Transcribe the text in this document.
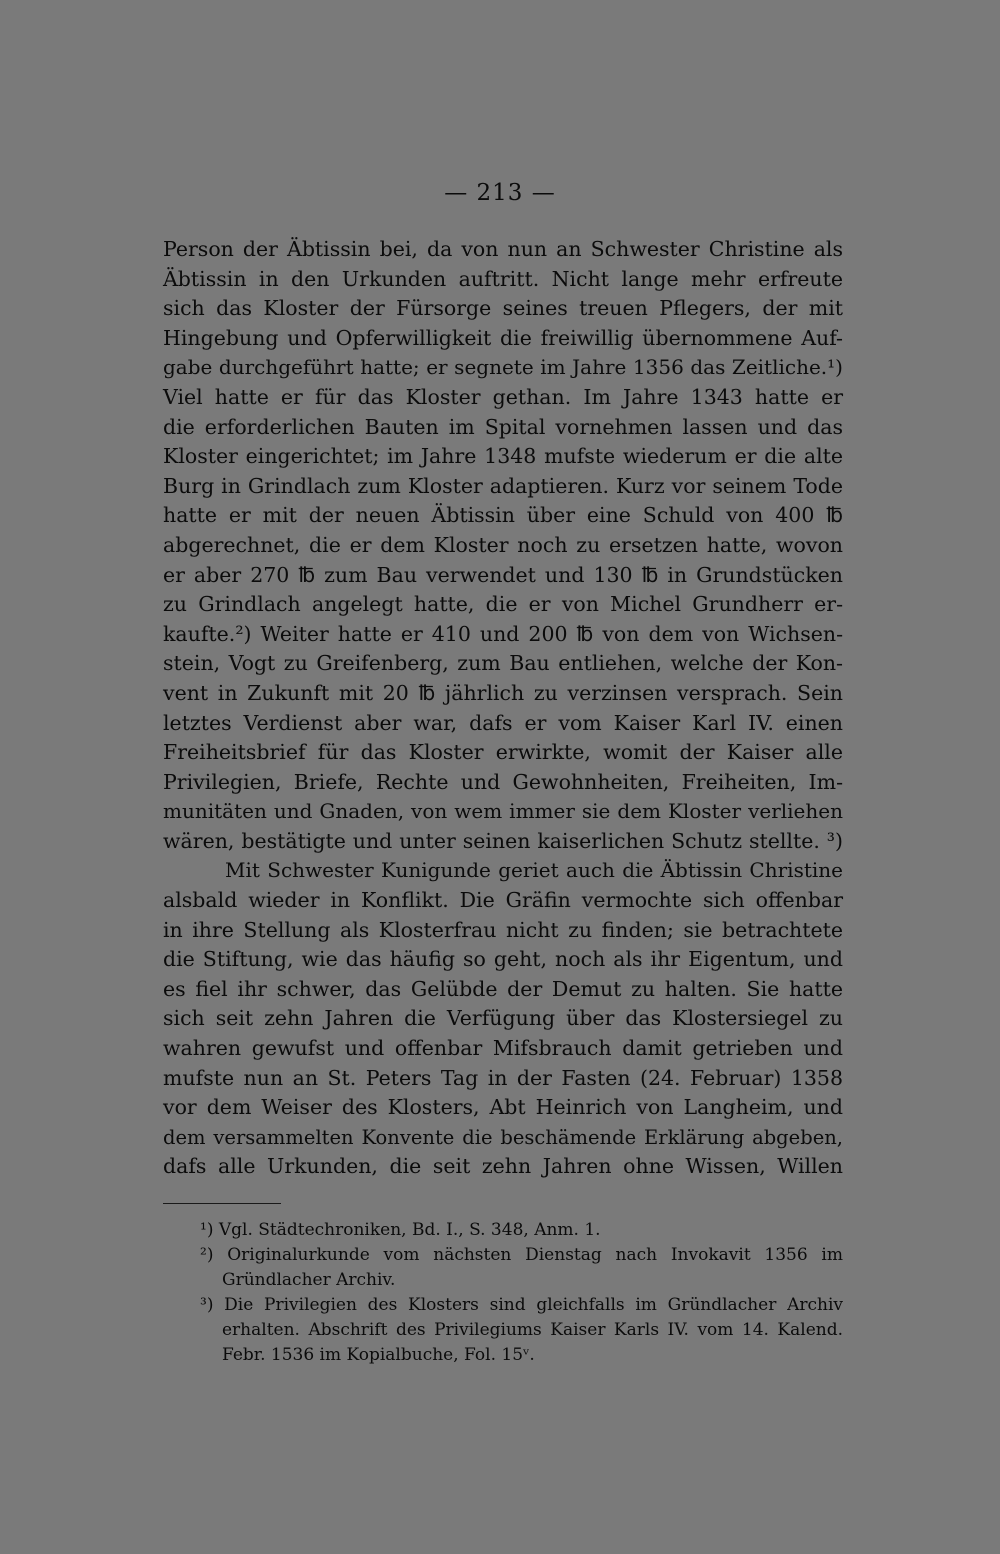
— 213 —
Person der Äbtissin bei, da von nun an Schwester Christine als
Äbtissin in den Urkunden auftritt. Nicht lange mehr erfreute
sich das Kloster der Fürsorge seines treuen Pflegers, der mit
Hingebung und Opferwilligkeit die freiwillig übernommene Auf-
gabe durchgeführt hatte; er segnete im Jahre 1356 das Zeitliche.¹)
Viel hatte er für das Kloster gethan. Im Jahre 1343 hatte er
die erforderlichen Bauten im Spital vornehmen lassen und das
Kloster eingerichtet; im Jahre 1348 mufste wiederum er die alte
Burg in Grindlach zum Kloster adaptieren. Kurz vor seinem Tode
hatte er mit der neuen Äbtissin über eine Schuld von 400 ℔
abgerechnet, die er dem Kloster noch zu ersetzen hatte, wovon
er aber 270 ℔ zum Bau verwendet und 130 ℔ in Grundstücken
zu Grindlach angelegt hatte, die er von Michel Grundherr er-
kaufte.²) Weiter hatte er 410 und 200 ℔ von dem von Wichsen-
stein, Vogt zu Greifenberg, zum Bau entliehen, welche der Kon-
vent in Zukunft mit 20 ℔ jährlich zu verzinsen versprach. Sein
letztes Verdienst aber war, dafs er vom Kaiser Karl IV. einen
Freiheitsbrief für das Kloster erwirkte, womit der Kaiser alle
Privilegien, Briefe, Rechte und Gewohnheiten, Freiheiten, Im-
munitäten und Gnaden, von wem immer sie dem Kloster verliehen
wären, bestätigte und unter seinen kaiserlichen Schutz stellte. ³)
Mit Schwester Kunigunde geriet auch die Äbtissin Christine
alsbald wieder in Konflikt. Die Gräfin vermochte sich offenbar
in ihre Stellung als Klosterfrau nicht zu finden; sie betrachtete
die Stiftung, wie das häufig so geht, noch als ihr Eigentum, und
es fiel ihr schwer, das Gelübde der Demut zu halten. Sie hatte
sich seit zehn Jahren die Verfügung über das Klostersiegel zu
wahren gewufst und offenbar Mifsbrauch damit getrieben und
mufste nun an St. Peters Tag in der Fasten (24. Februar) 1358
vor dem Weiser des Klosters, Abt Heinrich von Langheim, und
dem versammelten Konvente die beschämende Erklärung abgeben,
dafs alle Urkunden, die seit zehn Jahren ohne Wissen, Willen
¹) Vgl. Städtechroniken, Bd. I., S. 348, Anm. 1.
²) Originalurkunde vom nächsten Dienstag nach Invokavit 1356 im
Gründlacher Archiv.
³) Die Privilegien des Klosters sind gleichfalls im Gründlacher Archiv
erhalten. Abschrift des Privilegiums Kaiser Karls IV. vom 14. Kalend.
Febr. 1536 im Kopialbuche, Fol. 15ᵛ.
